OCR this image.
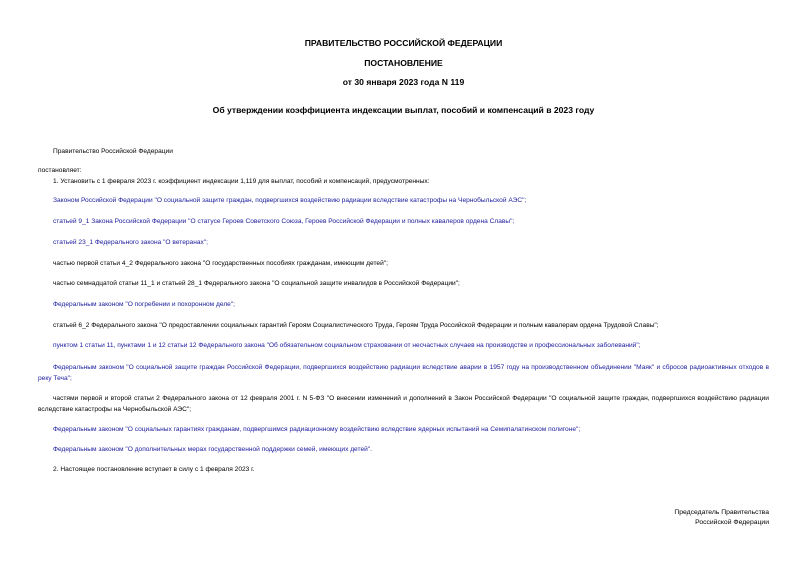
ПРАВИТЕЛЬСТВО РОССИЙСКОЙ ФЕДЕРАЦИИ
ПОСТАНОВЛЕНИЕ
от 30 января 2023 года N 119
Об утверждении коэффициента индексации выплат, пособий и компенсаций в 2023 году
Правительство Российской Федерации
постановляет:
1. Установить с 1 февраля 2023 г. коэффициент индексации 1,119 для выплат, пособий и компенсаций, предусмотренных:
Законом Российской Федерации "О социальной защите граждан, подвергшихся воздействию радиации вследствие катастрофы на Чернобыльской АЭС";
статьей 9_1 Закона Российской Федерации "О статусе Героев Советского Союза, Героев Российской Федерации и полных кавалеров ордена Славы";
статьей 23_1 Федерального закона "О ветеранах";
частью первой статьи 4_2 Федерального закона "О государственных пособиях гражданам, имеющим детей";
частью семнадцатой статьи 11_1 и статьей 28_1 Федерального закона "О социальной защите инвалидов в Российской Федерации";
Федеральным законом "О погребении и похоронном деле";
статьей 6_2 Федерального закона "О предоставлении социальных гарантий Героям Социалистического Труда, Героям Труда Российской Федерации и полным кавалерам ордена Трудовой Славы";
пунктом 1 статьи 11, пунктами 1 и 12 статьи 12 Федерального закона "Об обязательном социальном страховании от несчастных случаев на производстве и профессиональных заболеваний";
Федеральным законом "О социальной защите граждан Российской Федерации, подвергшихся воздействию радиации вследствие аварии в 1957 году на производственном объединении "Маяк" и сбросов радиоактивных отходов в реку Теча";
частями первой и второй статьи 2 Федерального закона от 12 февраля 2001 г. N 5-ФЗ "О внесении изменений и дополнений в Закон Российской Федерации "О социальной защите граждан, подвергшихся воздействию радиации вследствие катастрофы на Чернобыльской АЭС";
Федеральным законом "О социальных гарантиях гражданам, подвергшимся радиационному воздействию вследствие ядерных испытаний на Семипалатинском полигоне";
Федеральным законом "О дополнительных мерах государственной поддержки семей, имеющих детей".
2. Настоящее постановление вступает в силу с 1 февраля 2023 г.
Председатель Правительства
Российской Федерации
